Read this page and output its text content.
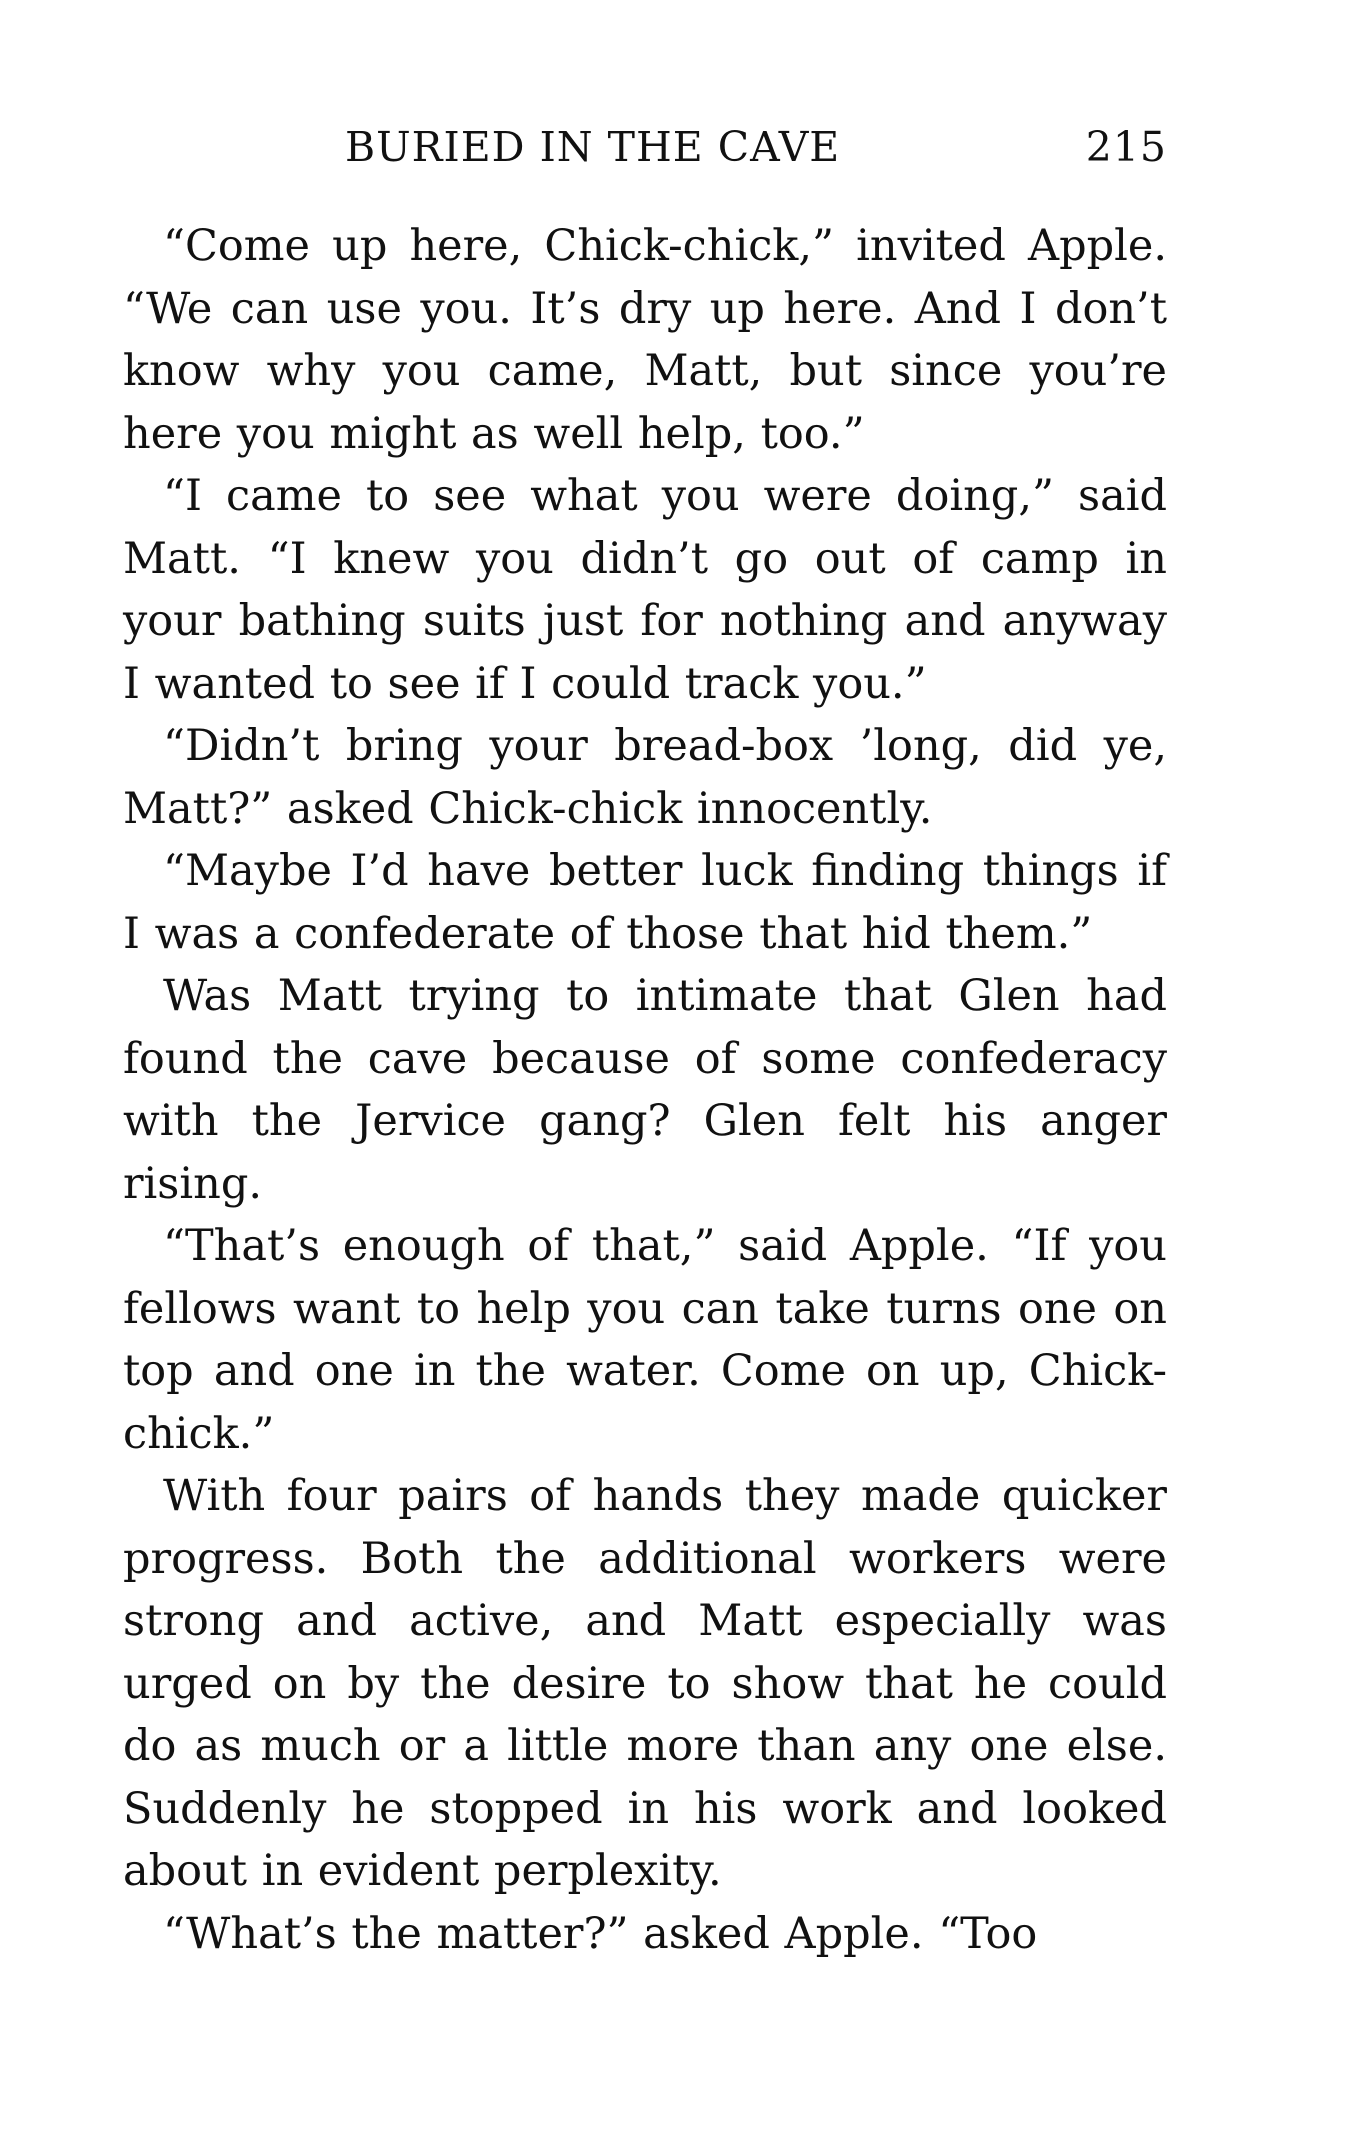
BURIED IN THE CAVE	215

“Come up here, Chick-chick,” invited Apple. “We can use you. It’s dry up here. And I don’t know why you came, Matt, but since you’re here you might as well help, too.”

“I came to see what you were doing,” said Matt. “I knew you didn’t go out of camp in your bathing suits just for nothing and anyway I wanted to see if I could track you.”

“Didn’t bring your bread-box ’long, did ye, Matt?” asked Chick-chick innocently.

“Maybe I’d have better luck finding things if I was a confederate of those that hid them.”

Was Matt trying to intimate that Glen had found the cave because of some confederacy with the Jervice gang? Glen felt his anger rising.

“That’s enough of that,” said Apple. “If you fellows want to help you can take turns one on top and one in the water. Come on up, Chick-chick.”

With four pairs of hands they made quicker progress. Both the additional workers were strong and active, and Matt especially was urged on by the desire to show that he could do as much or a little more than any one else. Suddenly he stopped in his work and looked about in evident perplexity.

“What’s the matter?” asked Apple. “Too
